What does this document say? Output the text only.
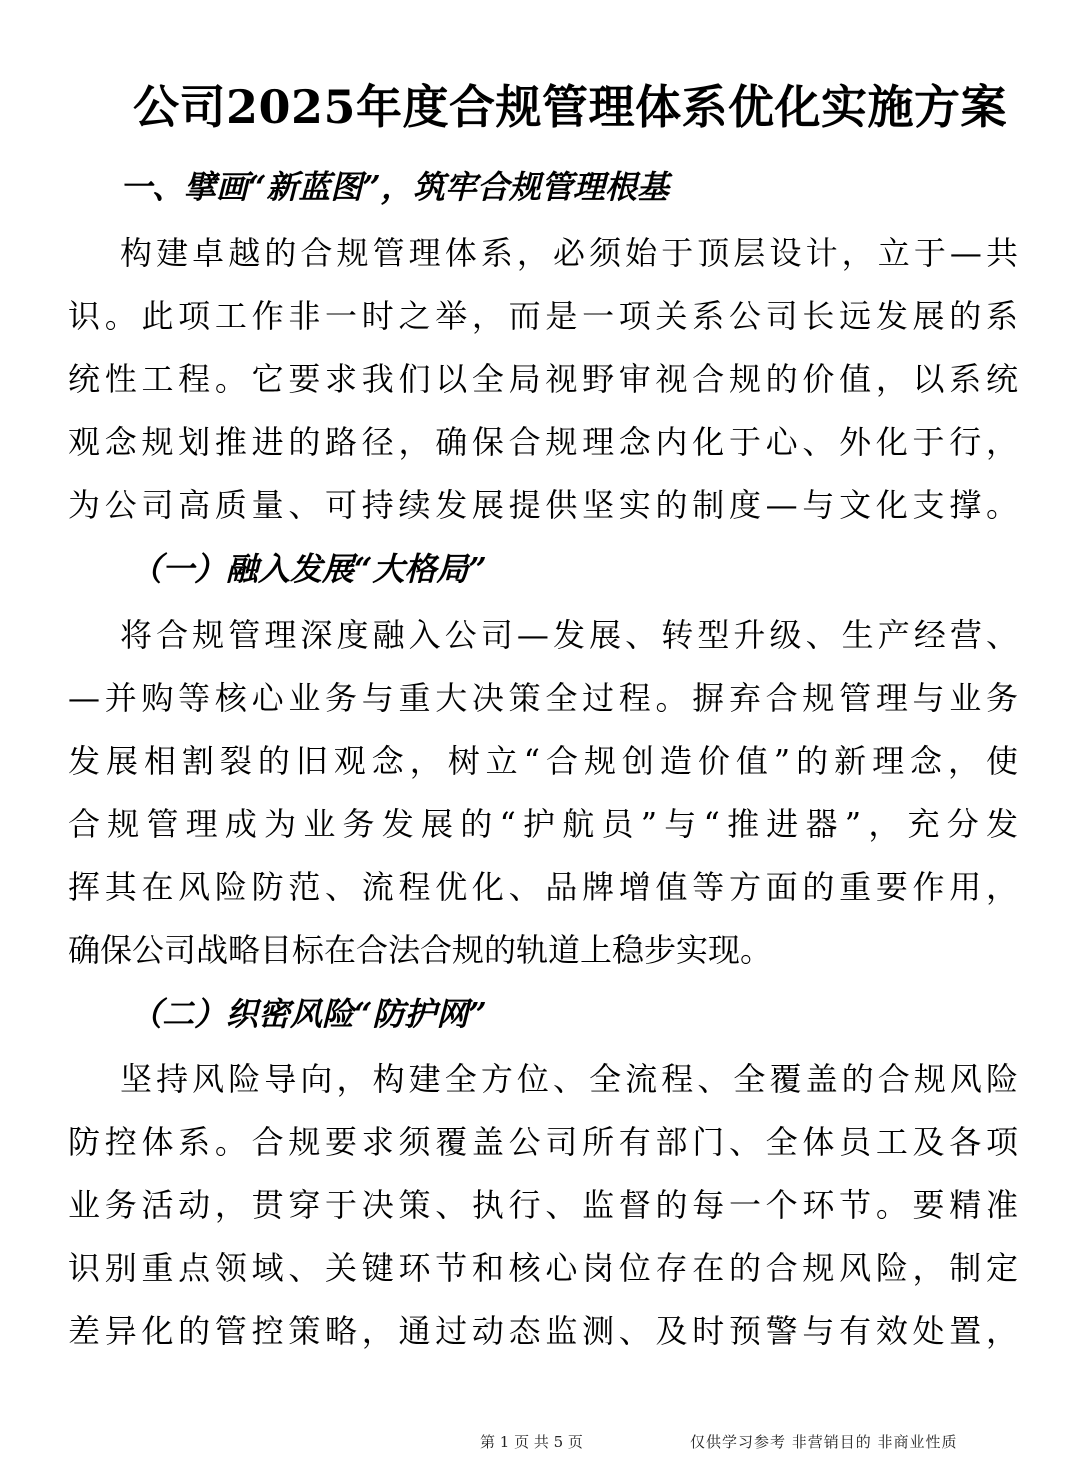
公司2025年度合规管理体系优化实施方案
一、擘画“新蓝图”，筑牢合规管理根基
构建卓越的合规管理体系，必须始于顶层设计，立于—共
识。此项工作非一时之举，而是一项关系公司长远发展的系
统性工程。它要求我们以全局视野审视合规的价值，以系统
观念规划推进的路径，确保合规理念内化于心、外化于行，
为公司高质量、可持续发展提供坚实的制度—与文化支撑。
（一）融入发展“大格局”
将合规管理深度融入公司—发展、转型升级、生产经营、
—并购等核心业务与重大决策全过程。摒弃合规管理与业务
发展相割裂的旧观念，树立“合规创造价值”的新理念，使
合规管理成为业务发展的“护航员”与“推进器”，充分发
挥其在风险防范、流程优化、品牌增值等方面的重要作用，
确保公司战略目标在合法合规的轨道上稳步实现。
（二）织密风险“防护网”
坚持风险导向，构建全方位、全流程、全覆盖的合规风险
防控体系。合规要求须覆盖公司所有部门、全体员工及各项
业务活动，贯穿于决策、执行、监督的每一个环节。要精准
识别重点领域、关键环节和核心岗位存在的合规风险，制定
差异化的管控策略，通过动态监测、及时预警与有效处置，
第 1 页 共 5 页	仅供学习参考 非营销目的 非商业性质
